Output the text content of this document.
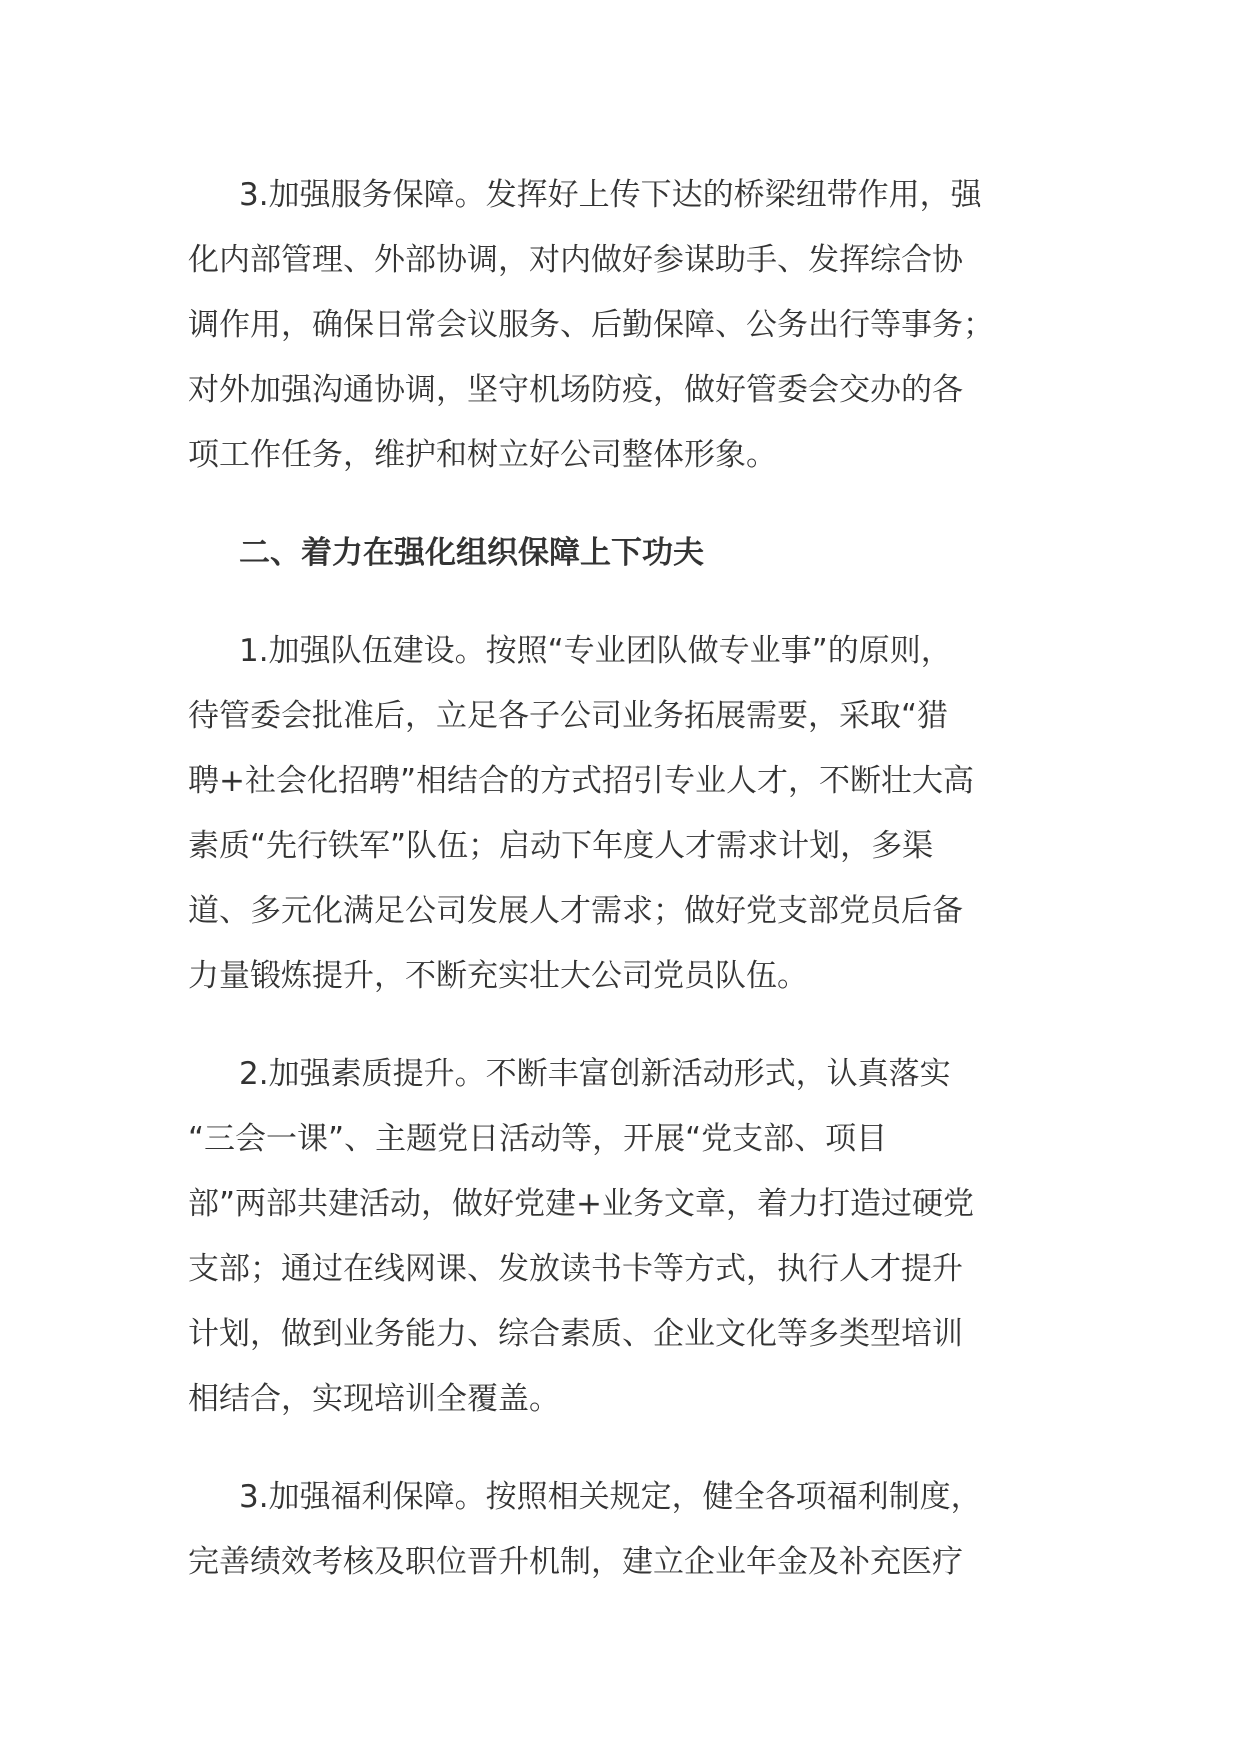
3.加强服务保障。发挥好上传下达的桥梁纽带作用，强
化内部管理、外部协调，对内做好参谋助手、发挥综合协
调作用，确保日常会议服务、后勤保障、公务出行等事务；
对外加强沟通协调，坚守机场防疫，做好管委会交办的各
项工作任务，维护和树立好公司整体形象。
二、着力在强化组织保障上下功夫
1.加强队伍建设。按照“专业团队做专业事”的原则，
待管委会批准后，立足各子公司业务拓展需要，采取“猎
聘+社会化招聘”相结合的方式招引专业人才，不断壮大高
素质“先行铁军”队伍；启动下年度人才需求计划，多渠
道、多元化满足公司发展人才需求；做好党支部党员后备
力量锻炼提升，不断充实壮大公司党员队伍。
2.加强素质提升。不断丰富创新活动形式，认真落实
“三会一课”、主题党日活动等，开展“党支部、项目
部”两部共建活动，做好党建+业务文章，着力打造过硬党
支部；通过在线网课、发放读书卡等方式，执行人才提升
计划，做到业务能力、综合素质、企业文化等多类型培训
相结合，实现培训全覆盖。
3.加强福利保障。按照相关规定，健全各项福利制度，
完善绩效考核及职位晋升机制，建立企业年金及补充医疗
